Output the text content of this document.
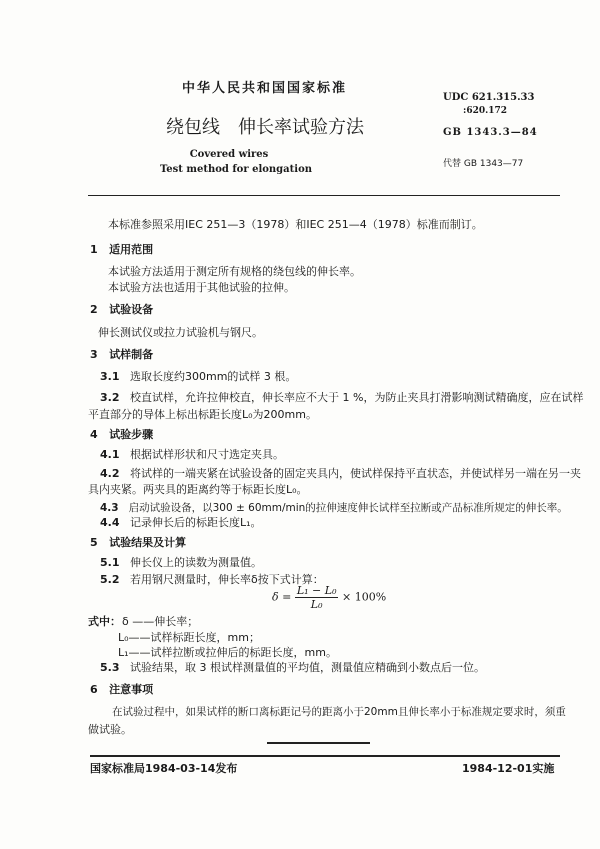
中华人民共和国国家标准
UDC 621.315.33
:620.172
绕包线　伸长率试验方法	GB 1343.3—84
Covered wires
Test method for elongation	代替 GB 1343—77
本标准参照采用IEC 251—3（1978）和IEC 251—4（1978）标准而制订。
1 适用范围
本试验方法适用于测定所有规格的绕包线的伸长率。
本试验方法也适用于其他试验的拉伸。
2 试验设备
伸长测试仪或拉力试验机与钢尺。
3 试样制备
3.1 选取长度约300mm的试样 3 根。
3.2 校直试样，允许拉伸校直，伸长率应不大于 1 %，为防止夹具打滑影响测试精确度，应在试样
平直部分的导体上标出标距长度L₀为200mm。
4 试验步骤
4.1 根据试样形状和尺寸选定夹具。
4.2 将试样的一端夹紧在试验设备的固定夹具内，使试样保持平直状态，并使试样另一端在另一夹
具内夹紧。两夹具的距离约等于标距长度L₀。
4.3 启动试验设备，以300 ± 60mm/min的拉伸速度伸长试样至拉断或产品标准所规定的伸长率。
4.4 记录伸长后的标距长度L₁。
5 试验结果及计算
5.1 伸长仪上的读数为测量值。
5.2 若用钢尺测量时，伸长率δ按下式计算：
$\delta = \frac{\text{L₁ − L₀}}{\text{L₀}} \times 100\%$
式中： δ ——伸长率；
L₀——试样标距长度，mm；
L₁——试样拉断或拉伸后的标距长度，mm。
5.3 试验结果，取 3 根试样测量值的平均值，测量值应精确到小数点后一位。
6 注意事项
在试验过程中，如果试样的断口离标距记号的距离小于20mm且伸长率小于标准规定要求时，须重
做试验。
国家标准局1984-03-14发布	1984-12-01实施
